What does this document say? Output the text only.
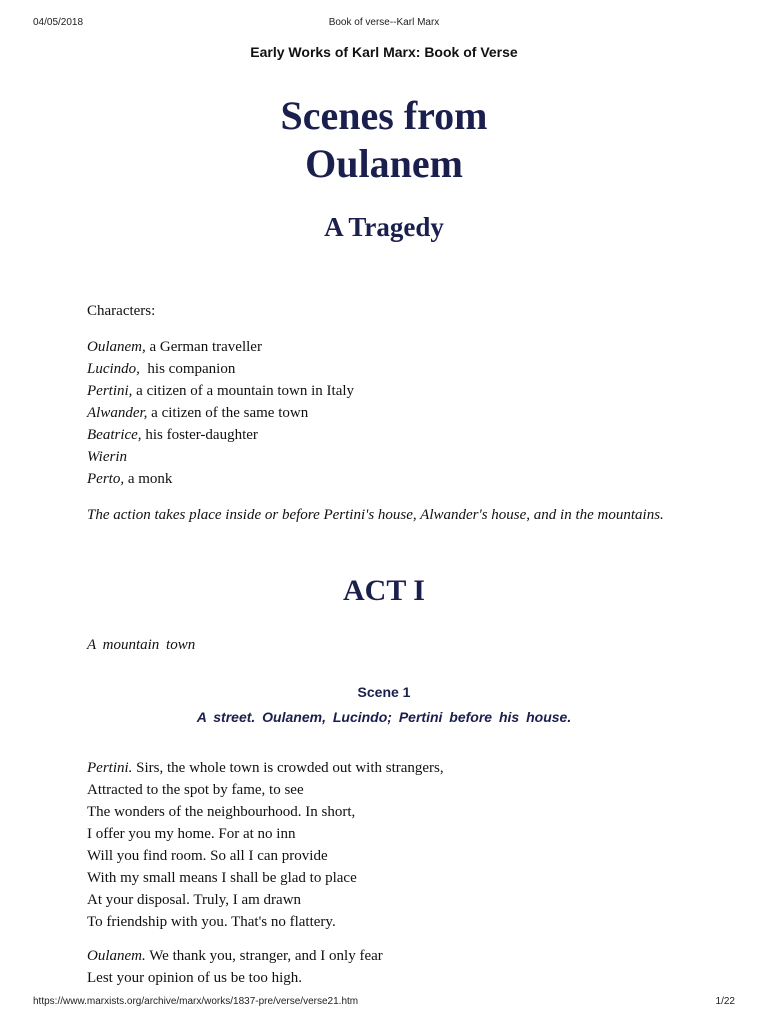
04/05/2018	Book of verse--Karl Marx
Early Works of Karl Marx: Book of Verse
Scenes from
Oulanem
A Tragedy
Characters:
Oulanem, a German traveller
Lucindo,  his companion
Pertini, a citizen of a mountain town in Italy
Alwander, a citizen of the same town
Beatrice, his foster-daughter
Wierin
Perto, a monk
The action takes place inside or before Pertini's house, Alwander's house, and in the mountains.
ACT I
A mountain town
Scene 1
A street. Oulanem, Lucindo; Pertini before his house.
Pertini. Sirs, the whole town is crowded out with strangers,
Attracted to the spot by fame, to see
The wonders of the neighbourhood. In short,
I offer you my home. For at no inn
Will you find room. So all I can provide
With my small means I shall be glad to place
At your disposal. Truly, I am drawn
To friendship with you. That's no flattery.
Oulanem. We thank you, stranger, and I only fear
Lest your opinion of us be too high.
https://www.marxists.org/archive/marx/works/1837-pre/verse/verse21.htm	1/22
